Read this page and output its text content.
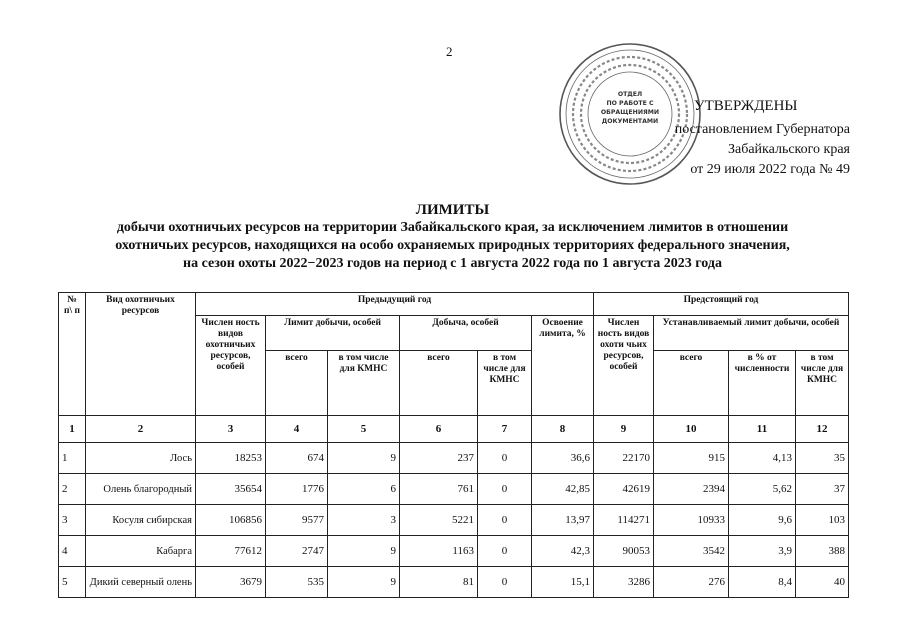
2
ОТДЕЛ
ПО РАБОТЕ С
ОБРАЩЕНИЯМИ
ДОКУМЕНТАМИ
УТВЕРЖДЕНЫ
постановлением Губернатора
Забайкальского края
от 29 июля 2022 года № 49
ЛИМИТЫ
добычи охотничьих ресурсов на территории Забайкальского края, за исключением лимитов в отношении
охотничьих ресурсов, находящихся на особо охраняемых природных территориях федерального значения,
на сезон охоты 2022−2023 годов на период с 1 августа 2022 года по 1 августа 2023 года
№ п\ п	Вид охотничьих ресурсов	Предыдущий год						Предстоящий год			
		Числен ность видов охотничьих ресурсов, особей	Лимит добычи, особей		Добыча, особей		Освоение лимита, %	Числен ность видов охоти чьих ресурсов, особей	Устанавливаемый лимит добычи, особей		
			всего	в том числе для КМНС	всего	в том числе для КМНС			всего	в % от численности	в том числе для КМНС
1	2	3	4	5	6	7	8	9	10	11	12
1	Лось	18253	674	9	237	0	36,6	22170	915	4,13	35
2	Олень благородный	35654	1776	6	761	0	42,85	42619	2394	5,62	37
3	Косуля сибирская	106856	9577	3	5221	0	13,97	114271	10933	9,6	103
4	Кабарга	77612	2747	9	1163	0	42,3	90053	3542	3,9	388
5	Дикий северный олень	3679	535	9	81	0	15,1	3286	276	8,4	40
